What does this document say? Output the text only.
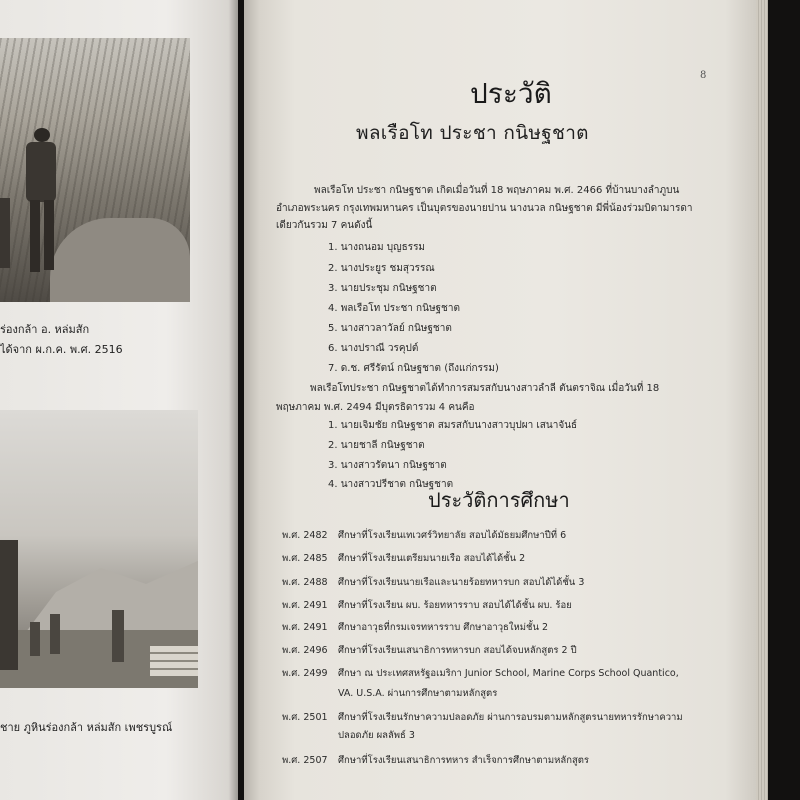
ร่องกล้า อ. หล่มสัก
ได้จาก ผ.ก.ค. พ.ศ. 2516
ชาย ภูหินร่องกล้า หล่มสัก เพชรบูรณ์
8
ประวัติ
พลเรือโท ประชา กนิษฐชาต
พลเรือโท ประชา กนิษฐชาต เกิดเมื่อวันที่ 18 พฤษภาคม พ.ศ. 2466 ที่บ้านบางลำภูบน
อำเภอพระนคร กรุงเทพมหานคร เป็นบุตรของนายปาน นางนวล กนิษฐชาต มีพี่น้องร่วมบิดามารดา
เดียวกันรวม 7 คนดังนี้
1. นางถนอม บุญธรรม
2. นางประยูร ชมสุวรรณ
3. นายประชุม กนิษฐชาต
4. พลเรือโท ประชา กนิษฐชาต
5. นางสาวลาวัลย์ กนิษฐชาต
6. นางปราณี วรคุปต์
7. ด.ช. ศรีรัตน์ กนิษฐชาต (ถึงแก่กรรม)
พลเรือโทประชา กนิษฐชาตได้ทำการสมรสกับนางสาวลำลี ตันตราจิณ เมื่อวันที่ 18
พฤษภาคม พ.ศ. 2494 มีบุตรธิดารวม 4 คนคือ
1. นายเจิมชัย กนิษฐชาต สมรสกับนางสาวบุปผา เสนาจันธ์
2. นายชาลี กนิษฐชาต
3. นางสาวรัตนา กนิษฐชาต
4. นางสาวปรีชาต กนิษฐชาต
ประวัติการศึกษา
พ.ศ. 2482 ศึกษาที่โรงเรียนเทเวศร์วิทยาลัย สอบได้มัธยมศึกษาปีที่ 6
พ.ศ. 2485 ศึกษาที่โรงเรียนเตรียมนายเรือ สอบได้ได้ชั้น 2
พ.ศ. 2488 ศึกษาที่โรงเรียนนายเรือและนายร้อยทหารบก สอบได้ได้ชั้น 3
พ.ศ. 2491 ศึกษาที่โรงเรียน ผบ. ร้อยทหารราบ สอบได้ได้ชั้น ผบ. ร้อย
พ.ศ. 2491 ศึกษาอาวุธที่กรมเจรทหารราบ ศึกษาอาวุธใหม่ชั้น 2
พ.ศ. 2496 ศึกษาที่โรงเรียนเสนาธิการทหารบก สอบได้จบหลักสูตร 2 ปี
พ.ศ. 2499 ศึกษา ณ ประเทศสหรัฐอเมริกา Junior School, Marine Corps School Quantico,
VA. U.S.A. ผ่านการศึกษาตามหลักสูตร
พ.ศ. 2501 ศึกษาที่โรงเรียนรักษาความปลอดภัย ผ่านการอบรมตามหลักสูตรนายทหารรักษาความ
ปลอดภัย ผลลัพธ์ 3
พ.ศ. 2507 ศึกษาที่โรงเรียนเสนาธิการทหาร สำเร็จการศึกษาตามหลักสูตร
